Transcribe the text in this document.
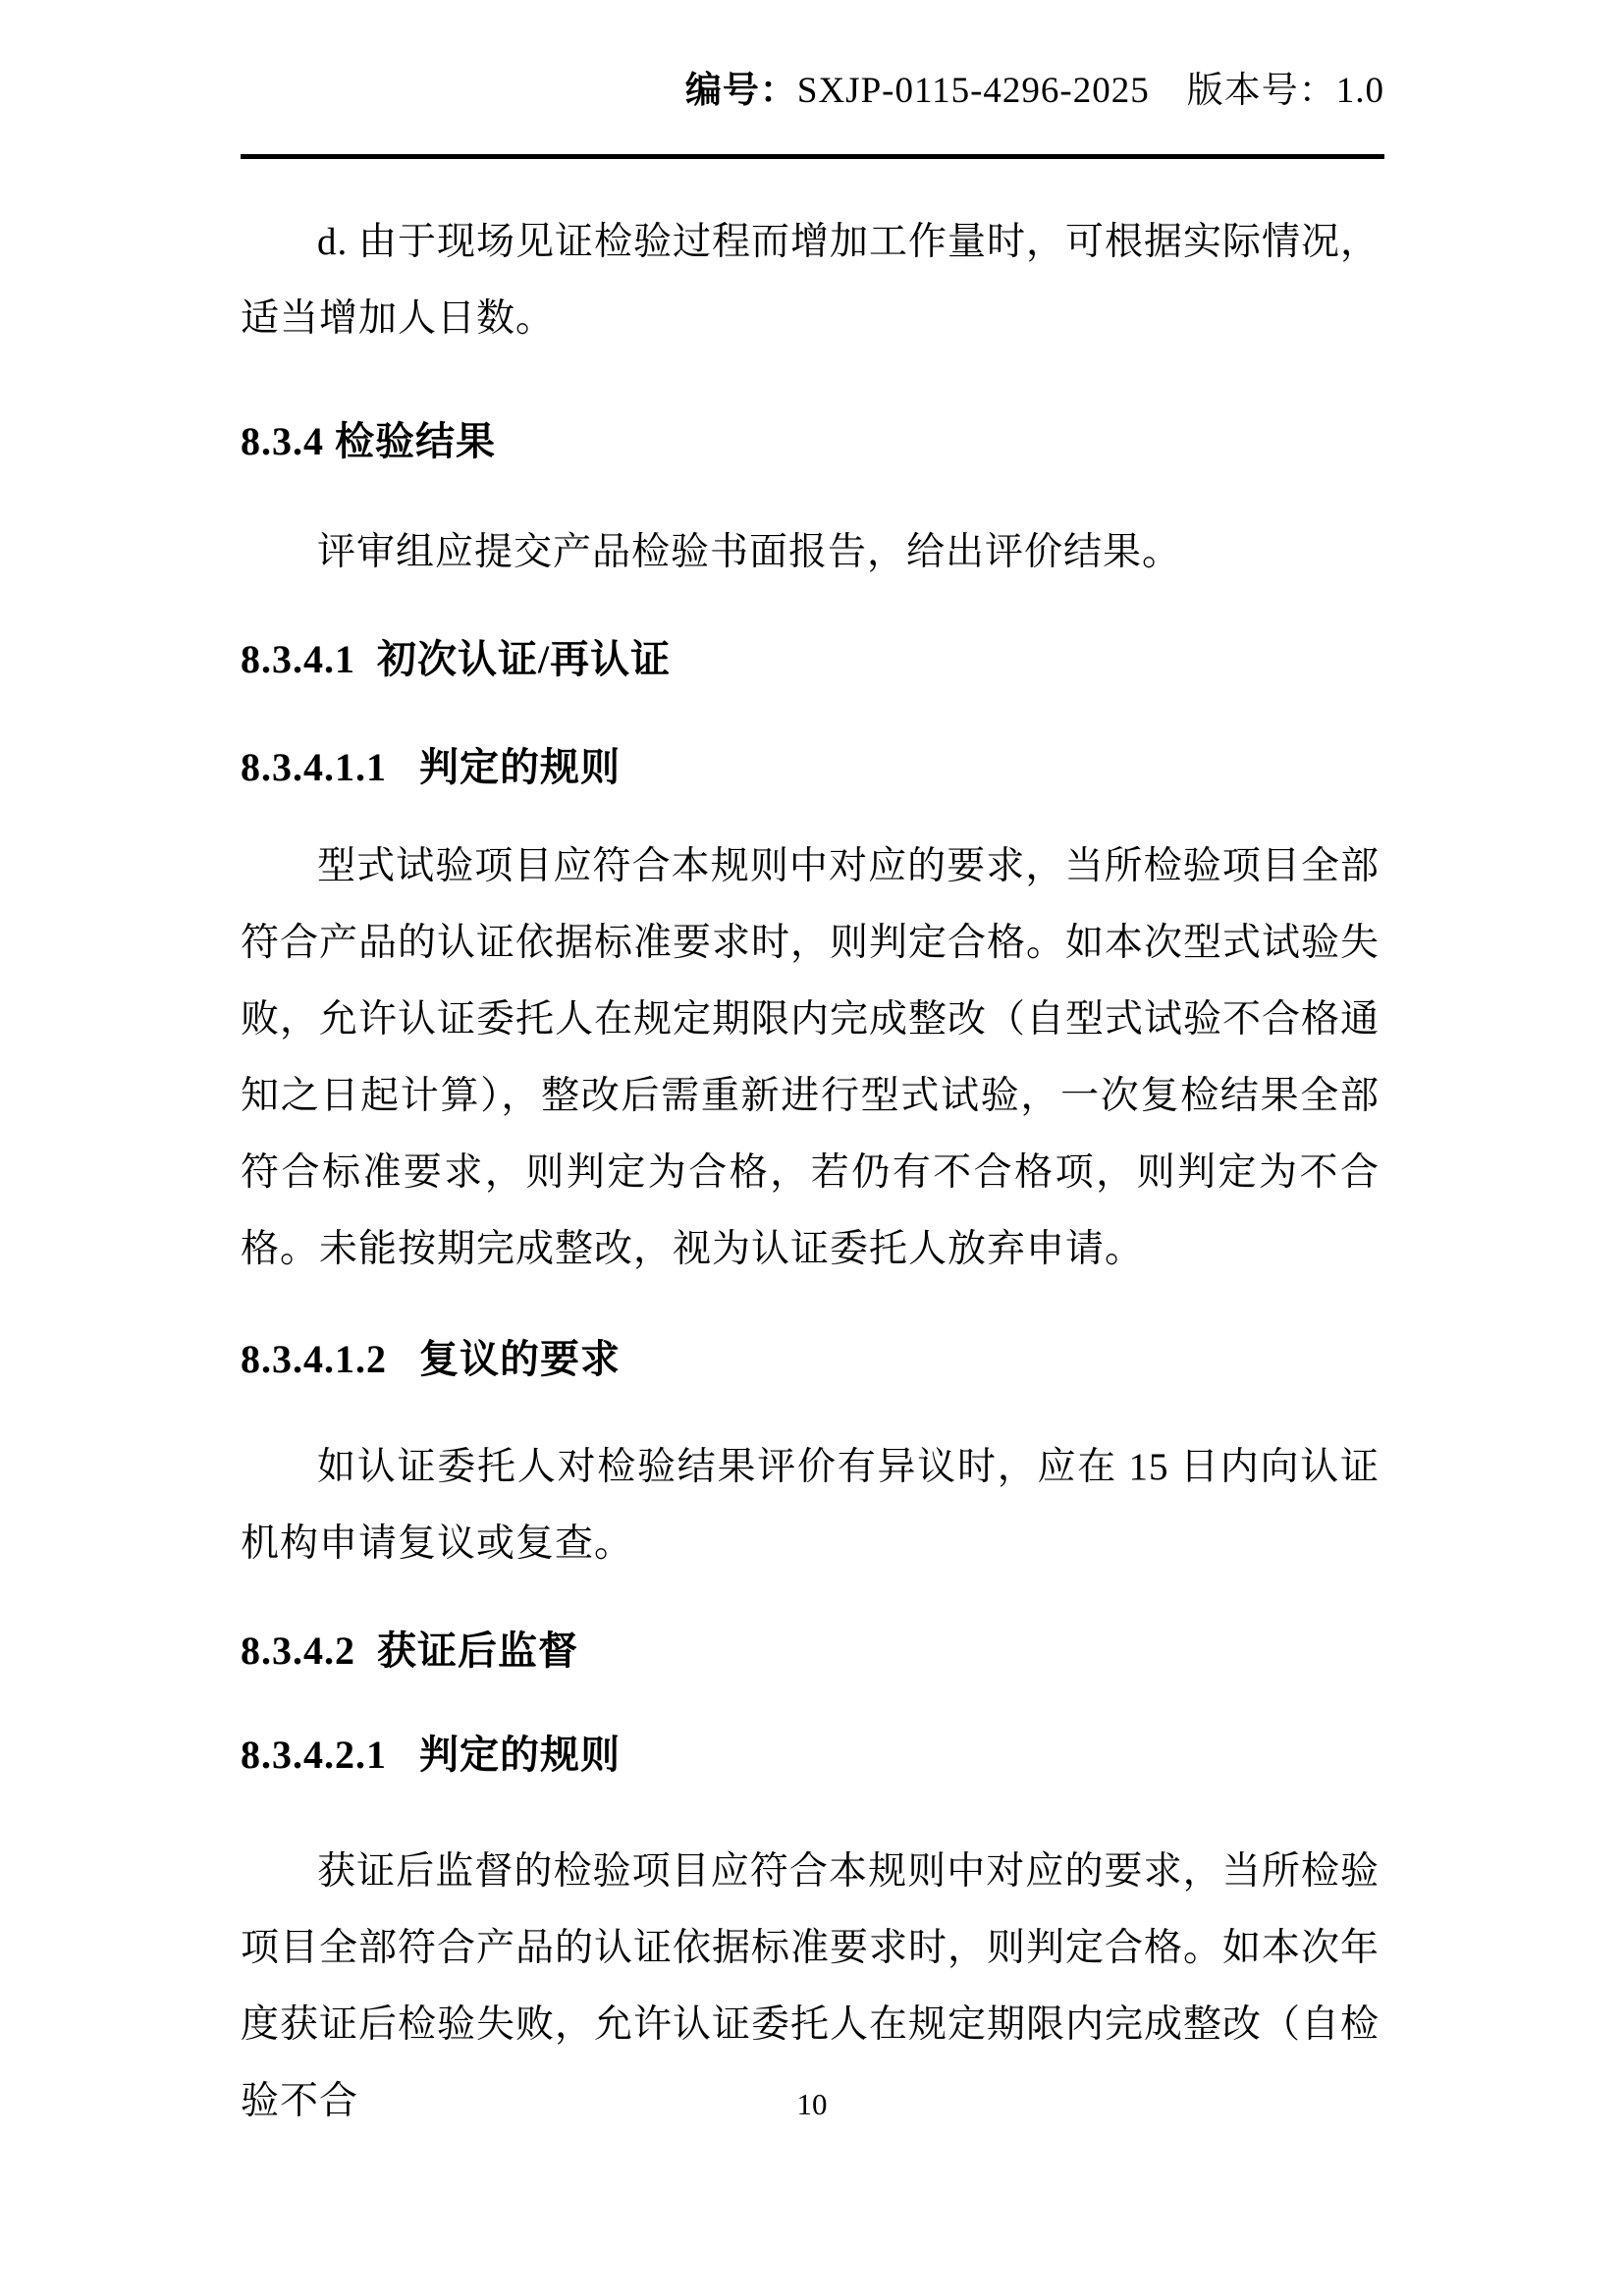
编号：SXJP-0115-4296-2025 版本号：1.0
d. 由于现场见证检验过程而增加工作量时，可根据实际情况，适当增加人日数。
8.3.4 检验结果
评审组应提交产品检验书面报告，给出评价结果。
8.3.4.1  初次认证/再认证
8.3.4.1.1   判定的规则
型式试验项目应符合本规则中对应的要求，当所检验项目全部符合产品的认证依据标准要求时，则判定合格。如本次型式试验失败，允许认证委托人在规定期限内完成整改（自型式试验不合格通知之日起计算），整改后需重新进行型式试验，一次复检结果全部符合标准要求，则判定为合格，若仍有不合格项，则判定为不合格。未能按期完成整改，视为认证委托人放弃申请。
8.3.4.1.2   复议的要求
如认证委托人对检验结果评价有异议时，应在 15 日内向认证机构申请复议或复查。
8.3.4.2  获证后监督
8.3.4.2.1   判定的规则
获证后监督的检验项目应符合本规则中对应的要求，当所检验项目全部符合产品的认证依据标准要求时，则判定合格。如本次年度获证后检验失败，允许认证委托人在规定期限内完成整改（自检验不合	10
